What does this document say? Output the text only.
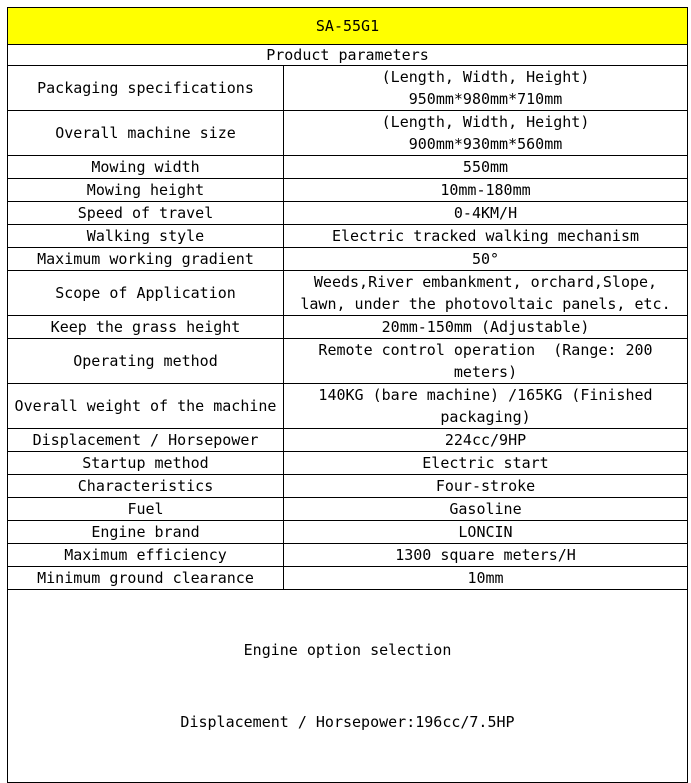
SA-55G1	
Product parameters	
Packaging specifications	(Length, Width, Height)
950mm*980mm*710mm

Overall machine size	(Length, Width, Height)
900mm*930mm*560mm

Mowing width	550mm

Mowing height	10mm-180mm

Speed of travel	0-4KM/H

Walking style	Electric tracked walking mechanism

Maximum working gradient	50°

Scope of Application	Weeds,River embankment, orchard,Slope,
lawn, under the photovoltaic panels, etc.

Keep the grass height	20mm-150mm (Adjustable)

Operating method	Remote control operation  (Range: 200
meters)

Overall weight of the machine	140KG (bare machine) /165KG (Finished
packaging)

Displacement / Horsepower	224cc/9HP

Startup method	Electric start

Characteristics	Four-stroke

Fuel	Gasoline

Engine brand	LONCIN

Maximum efficiency	1300 square meters/H

Minimum ground clearance	10mm

Engine option selection

Displacement / Horsepower:196cc/7.5HP	
